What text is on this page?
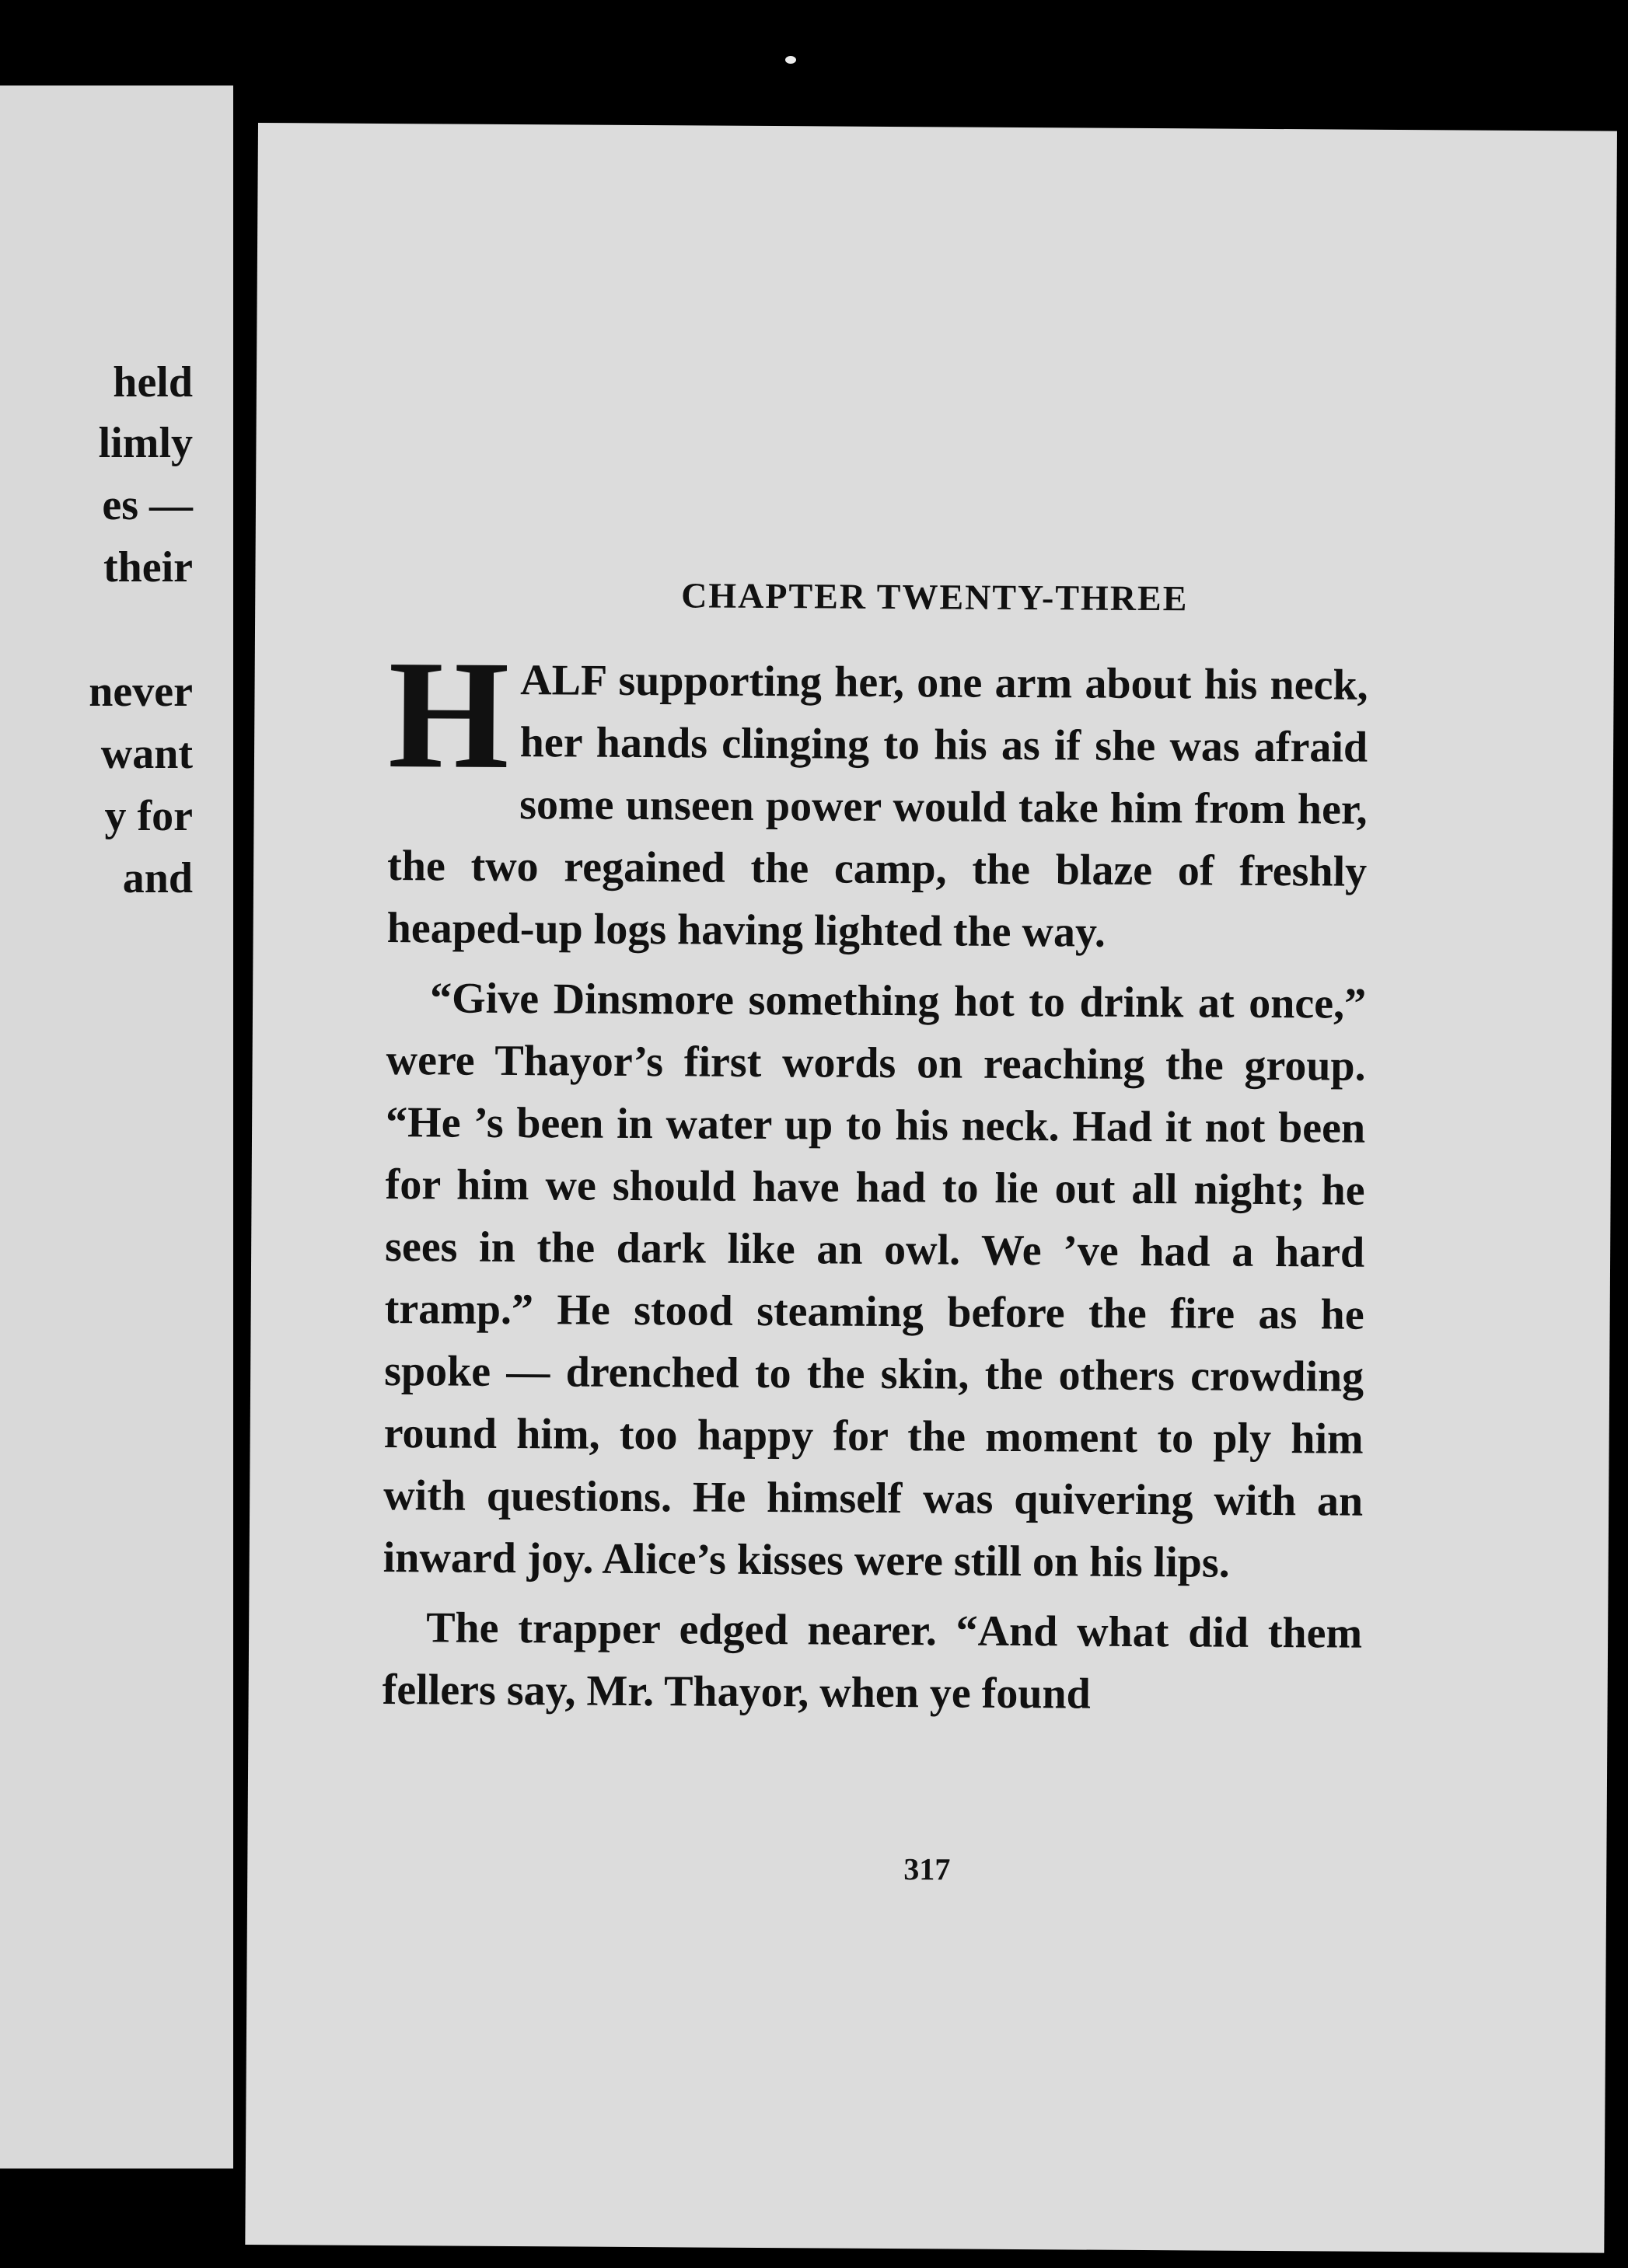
held

limly

es —

their

never

want

y for

and

CHAPTER TWENTY-THREE

HALF supporting her, one arm about his neck, her hands clinging to his as if she was afraid some unseen power would take him from her, the two regained the camp, the blaze of freshly heaped-up logs having lighted the way.

“Give Dinsmore something hot to drink at once,” were Thayor’s first words on reaching the group. “He ’s been in water up to his neck. Had it not been for him we should have had to lie out all night; he sees in the dark like an owl. We ’ve had a hard tramp.” He stood steaming before the fire as he spoke — drenched to the skin, the others crowding round him, too happy for the moment to ply him with questions. He himself was quivering with an inward joy. Alice’s kisses were still on his lips.

The trapper edged nearer. “And what did them fellers say, Mr. Thayor, when ye found

317
